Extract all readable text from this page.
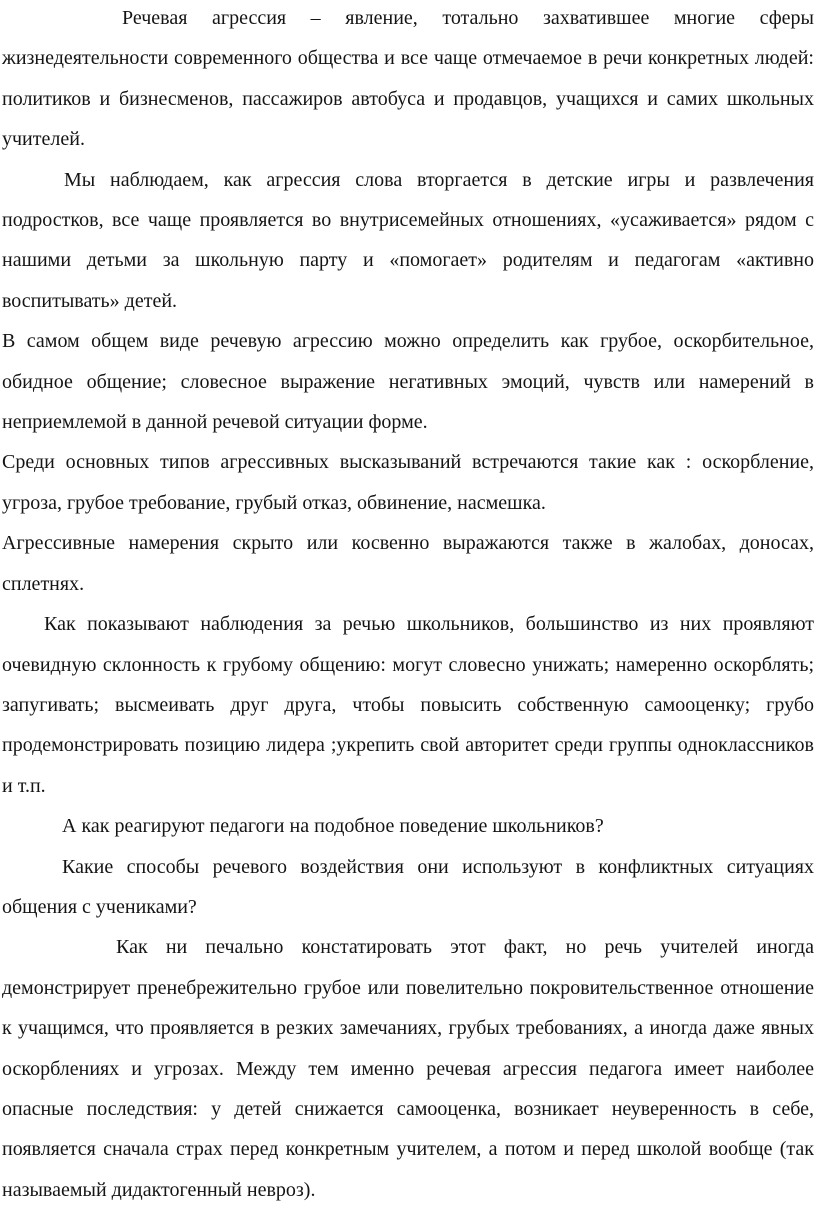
Речевая агрессия – явление, тотально захватившее многие сферы жизнедеятельности современного общества и все чаще отмечаемое в речи конкретных людей: политиков и бизнесменов, пассажиров автобуса и продавцов, учащихся и самих школьных учителей.

Мы наблюдаем, как агрессия слова вторгается в детские игры и развлечения подростков, все чаще проявляется во внутрисемейных отношениях, «усаживается» рядом с нашими детьми за школьную парту и «помогает» родителям и педагогам «активно воспитывать» детей.

В самом общем виде речевую агрессию можно определить как грубое, оскорбительное, обидное общение; словесное выражение негативных эмоций, чувств или намерений в неприемлемой в данной речевой ситуации форме.

Среди основных типов агрессивных высказываний встречаются такие как : оскорбление, угроза, грубое требование, грубый отказ, обвинение, насмешка.

Агрессивные намерения скрыто или косвенно выражаются также в жалобах, доносах, сплетнях.

Как показывают наблюдения за речью школьников, большинство из них проявляют очевидную склонность к грубому общению: могут словесно унижать; намеренно оскорблять; запугивать; высмеивать друг друга, чтобы повысить собственную самооценку; грубо продемонстрировать позицию лидера ;укрепить свой авторитет среди группы одноклассников и т.п.

А как реагируют педагоги на подобное поведение школьников?

Какие способы речевого воздействия они используют в конфликтных ситуациях общения с учениками?

Как ни печально констатировать этот факт, но речь учителей иногда демонстрирует пренебрежительно грубое или повелительно покровительственное отношение к учащимся, что проявляется в резких замечаниях, грубых требованиях, а иногда даже явных оскорблениях и угрозах. Между тем именно речевая агрессия педагога имеет наиболее опасные последствия: у детей снижается самооценка, возникает неуверенность в себе, появляется сначала страх перед конкретным учителем, а потом и перед школой вообще (так называемый дидактогенный невроз).
